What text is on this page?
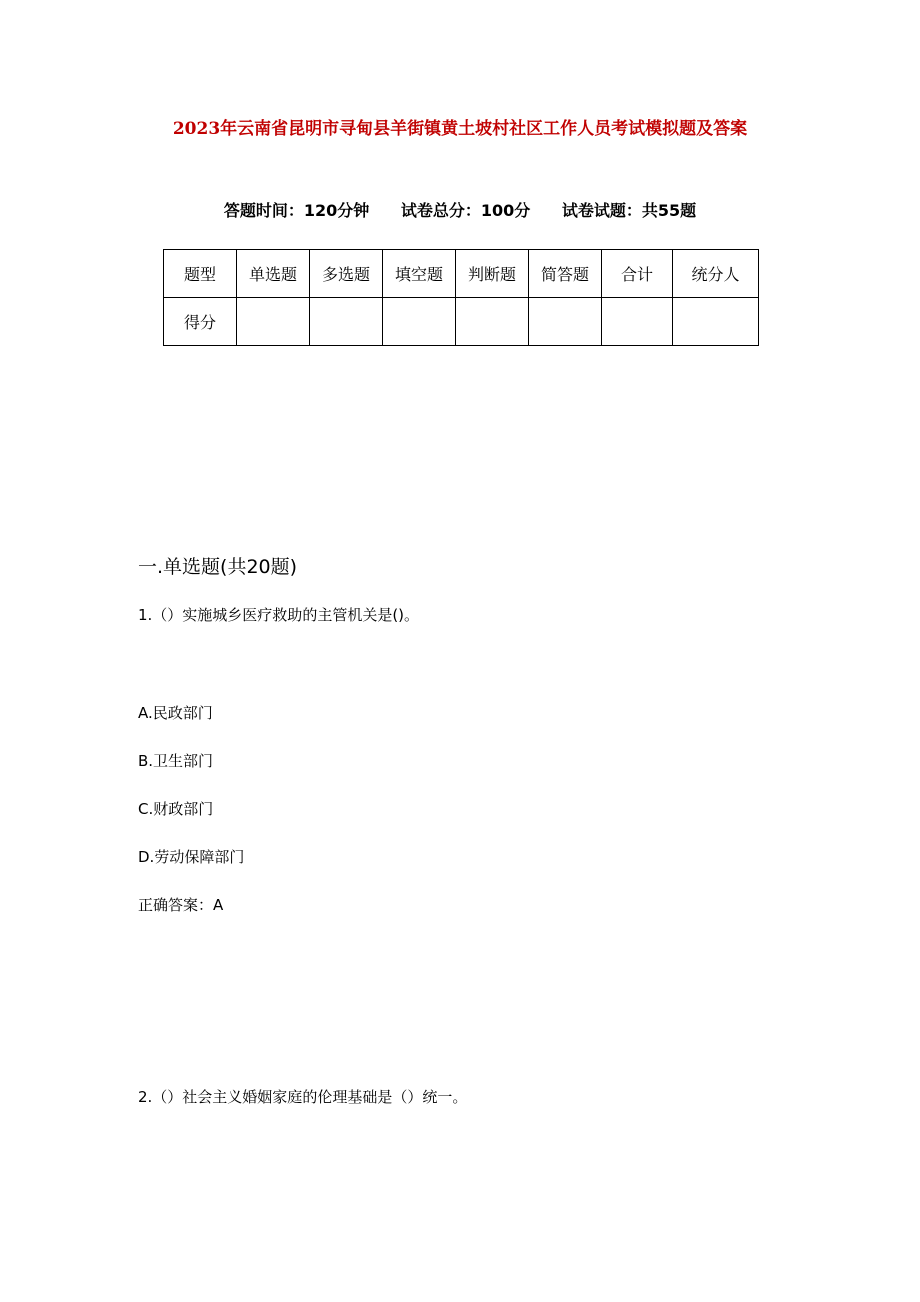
2023年云南省昆明市寻甸县羊街镇黄土坡村社区工作人员考试模拟题及答案
答题时间：120分钟 试卷总分：100分 试卷试题：共55题
题型	单选题	多选题	填空题	判断题	简答题	合计	统分人
得分							
一.单选题(共20题)
1.（）实施城乡医疗救助的主管机关是()。
A.民政部门
B.卫生部门
C.财政部门
D.劳动保障部门
正确答案：A
2.（）社会主义婚姻家庭的伦理基础是（）统一。
